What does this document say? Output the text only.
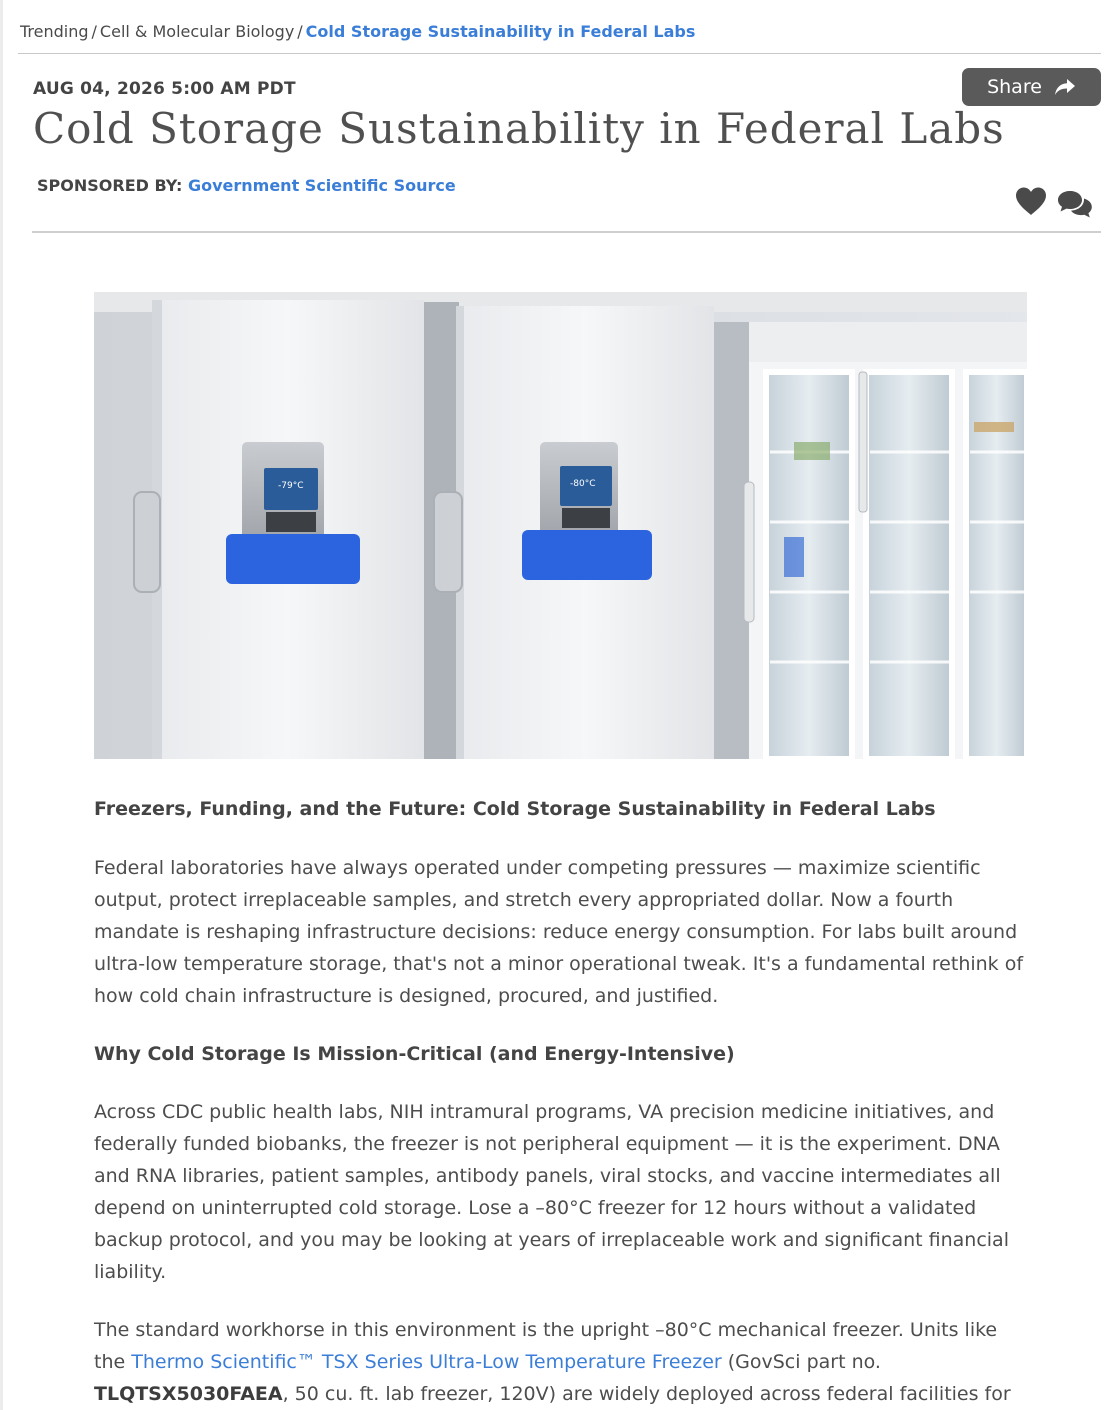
Trending / Cell & Molecular Biology / Cold Storage Sustainability in Federal Labs
AUG 04, 2026 5:00 AM PDT	Share
Cold Storage Sustainability in Federal Labs
SPONSORED BY: Government Scientific Source
-79°C	-80°C
Freezers, Funding, and the Future: Cold Storage Sustainability in Federal Labs

Federal laboratories have always operated under competing pressures — maximize scientific output, protect irreplaceable samples, and stretch every appropriated dollar. Now a fourth mandate is reshaping infrastructure decisions: reduce energy consumption. For labs built around ultra-low temperature storage, that's not a minor operational tweak. It's a fundamental rethink of how cold chain infrastructure is designed, procured, and justified.

Why Cold Storage Is Mission-Critical (and Energy-Intensive)

Across CDC public health labs, NIH intramural programs, VA precision medicine initiatives, and federally funded biobanks, the freezer is not peripheral equipment — it is the experiment. DNA and RNA libraries, patient samples, antibody panels, viral stocks, and vaccine intermediates all depend on uninterrupted cold storage. Lose a –80°C freezer for 12 hours without a validated backup protocol, and you may be looking at years of irreplaceable work and significant financial liability.

The standard workhorse in this environment is the upright –80°C mechanical freezer. Units like the Thermo Scientific™ TSX Series Ultra-Low Temperature Freezer (GovSci part no. TLQTSX5030FAEA, 50 cu. ft. lab freezer, 120V) are widely deployed across federal facilities for
